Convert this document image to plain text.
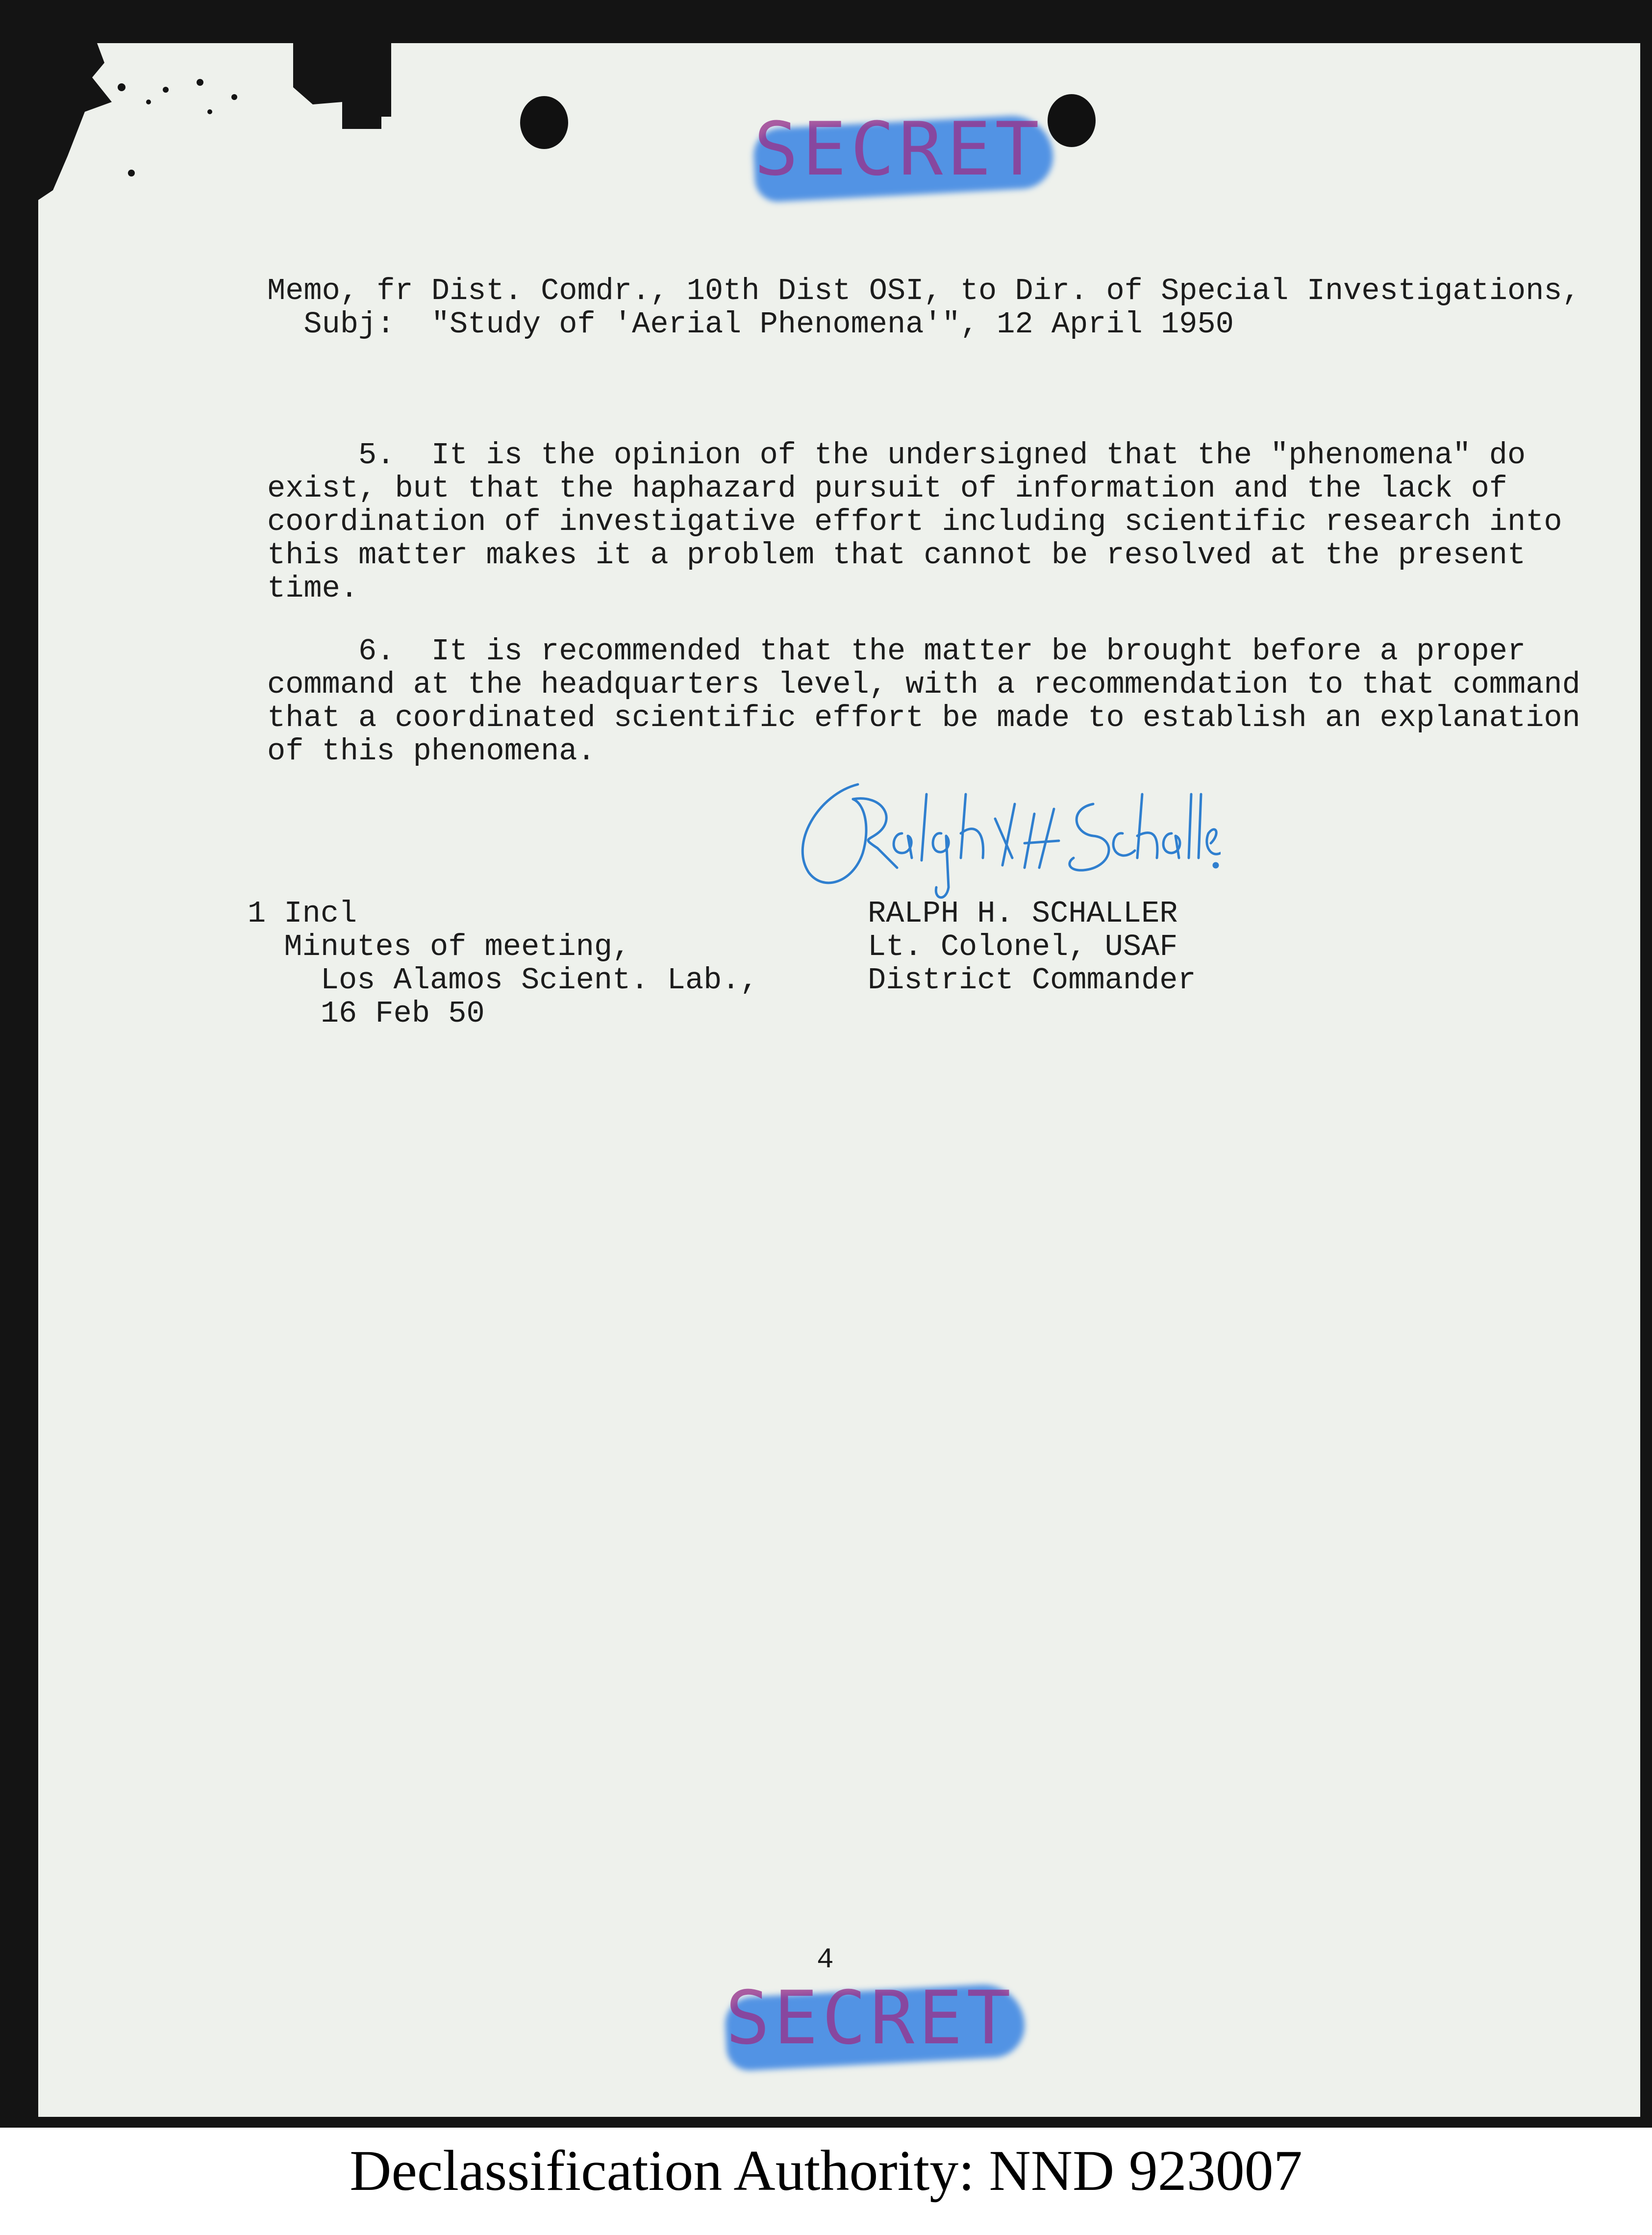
SECRET
Memo, fr Dist. Comdr., 10th Dist OSI, to Dir. of Special Investigations,
Subj:  "Study of 'Aerial Phenomena'", 12 April 1950
5.  It is the opinion of the undersigned that the "phenomena" do
exist, but that the haphazard pursuit of information and the lack of
coordination of investigative effort including scientific research into
this matter makes it a problem that cannot be resolved at the present
time.
6.  It is recommended that the matter be brought before a proper
command at the headquarters level, with a recommendation to that command
that a coordinated scientific effort be made to establish an explanation
of this phenomena.
1 Incl
Minutes of meeting,
Los Alamos Scient. Lab.,
16 Feb 50
RALPH H. SCHALLER
Lt. Colonel, USAF
District Commander
4
SECRET
Declassification Authority: NND 923007
